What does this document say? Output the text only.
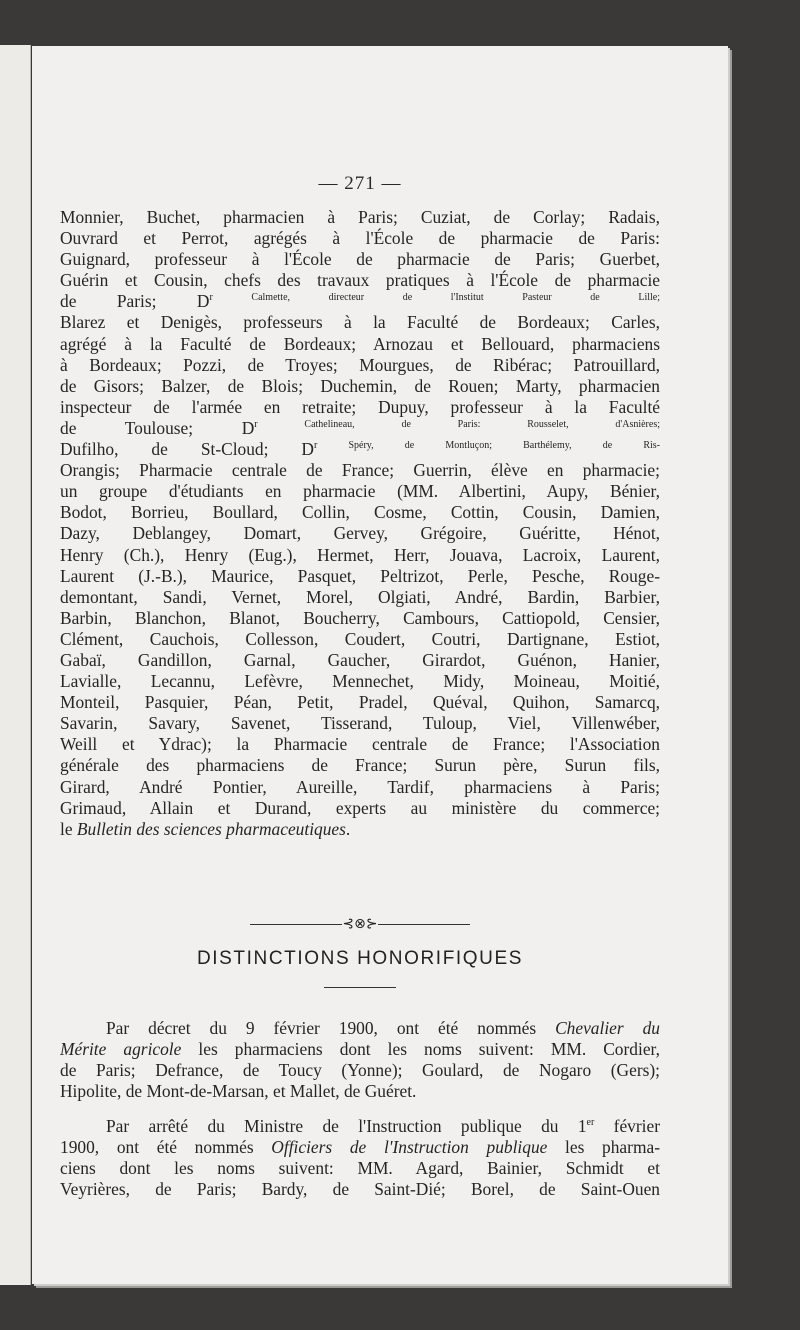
— 271 —
Monnier, Buchet, pharmacien à Paris; Cuziat, de Corlay; Radais,
Ouvrard et Perrot, agrégés à l'École de pharmacie de Paris:
Guignard, professeur à l'École de pharmacie de Paris; Guerbet,
Guérin et Cousin, chefs des travaux pratiques à l'École de pharmacie
de Paris; $D^{r Calmette, directeur de l'Institut Pasteur de Lille;}$
Blarez et Denigès, professeurs à la Faculté de Bordeaux; Carles,
agrégé à la Faculté de Bordeaux; Arnozau et Bellouard, pharmaciens
à Bordeaux; Pozzi, de Troyes; Mourgues, de Ribérac; Patrouillard,
de Gisors; Balzer, de Blois; Duchemin, de Rouen; Marty, pharmacien
inspecteur de l'armée en retraite; Dupuy, professeur à la Faculté
de Toulouse; $D^{r Cathelineau, de Paris: Rousselet, d'Asnières;}$
Dufilho, de St-Cloud; $D^{r Spéry, de Montluçon; Barthélemy, de Ris-}$
Orangis; Pharmacie centrale de France; Guerrin, élève en pharmacie;
un groupe d'étudiants en pharmacie (MM. Albertini, Aupy, Bénier,
Bodot, Borrieu, Boullard, Collin, Cosme, Cottin, Cousin, Damien,
Dazy, Deblangey, Domart, Gervey, Grégoire, Guéritte, Hénot,
Henry (Ch.), Henry (Eug.), Hermet, Herr, Jouava, Lacroix, Laurent,
Laurent (J.-B.), Maurice, Pasquet, Peltrizot, Perle, Pesche, Rouge-
demontant, Sandi, Vernet, Morel, Olgiati, André, Bardin, Barbier,
Barbin, Blanchon, Blanot, Boucherry, Cambours, Cattiopold, Censier,
Clément, Cauchois, Collesson, Coudert, Coutri, Dartignane, Estiot,
Gabaï, Gandillon, Garnal, Gaucher, Girardot, Guénon, Hanier,
Lavialle, Lecannu, Lefèvre, Mennechet, Midy, Moineau, Moitié,
Monteil, Pasquier, Péan, Petit, Pradel, Quéval, Quihon, Samarcq,
Savarin, Savary, Savenet, Tisserand, Tuloup, Viel, Villenwéber,
Weill et Ydrac); la Pharmacie centrale de France; l'Association
générale des pharmaciens de France; Surun père, Surun fils,
Girard, André Pontier, Aureille, Tardif, pharmaciens à Paris;
Grimaud, Allain et Durand, experts au ministère du commerce;
le Bulletin des sciences pharmaceutiques.
⊰⊗⊱
DISTINCTIONS HONORIFIQUES
Par décret du 9 février 1900, ont été nommés Chevalier du
Mérite agricole les pharmaciens dont les noms suivent: MM. Cordier,
de Paris; Defrance, de Toucy (Yonne); Goulard, de Nogaro (Gers);
Hipolite, de Mont-de-Marsan, et Mallet, de Guéret.
Par arrêté du Ministre de l'Instruction publique du 1er février
1900, ont été nommés Officiers de l'Instruction publique les pharma-
ciens dont les noms suivent: MM. Agard, Bainier, Schmidt et
Veyrières, de Paris; Bardy, de Saint-Dié; Borel, de Saint-Ouen
